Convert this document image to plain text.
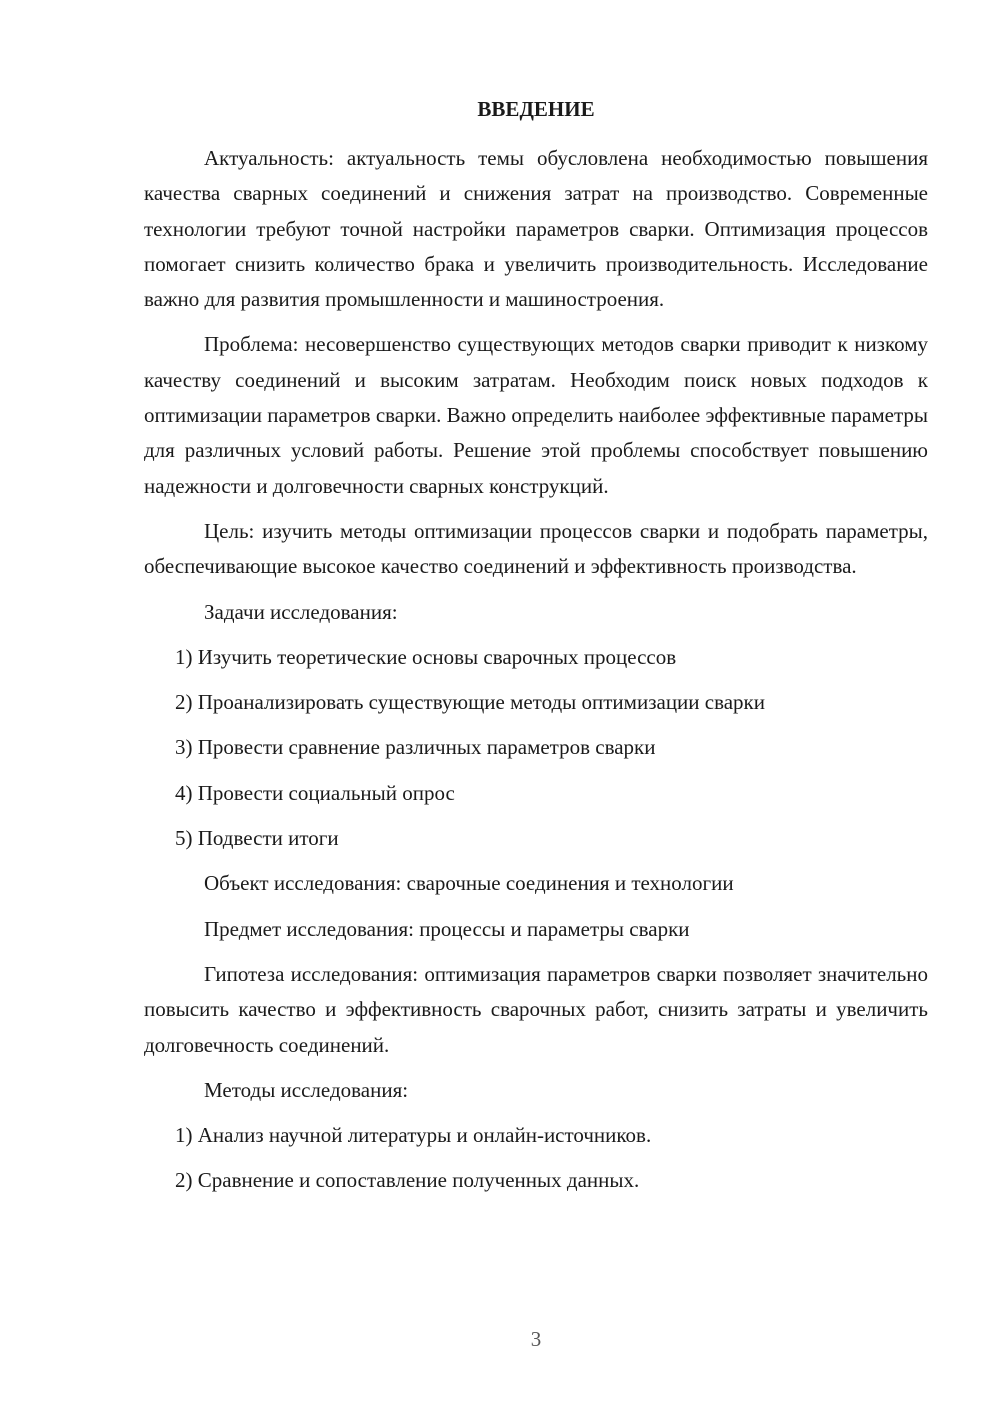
ВВЕДЕНИЕ
Актуальность: актуальность темы обусловлена необходимостью повышения качества сварных соединений и снижения затрат на производство. Современные технологии требуют точной настройки параметров сварки. Оптимизация процессов помогает снизить количество брака и увеличить производительность. Исследование важно для развития промышленности и машиностроения.
Проблема: несовершенство существующих методов сварки приводит к низкому качеству соединений и высоким затратам. Необходим поиск новых подходов к оптимизации параметров сварки. Важно определить наиболее эффективные параметры для различных условий работы. Решение этой проблемы способствует повышению надежности и долговечности сварных конструкций.
Цель: изучить методы оптимизации процессов сварки и подобрать параметры, обеспечивающие высокое качество соединений и эффективность производства.
Задачи исследования:
1) Изучить теоретические основы сварочных процессов
2) Проанализировать существующие методы оптимизации сварки
3) Провести сравнение различных параметров сварки
4) Провести социальный опрос
5) Подвести итоги
Объект исследования: сварочные соединения и технологии
Предмет исследования: процессы и параметры сварки
Гипотеза исследования: оптимизация параметров сварки позволяет значительно повысить качество и эффективность сварочных работ, снизить затраты и увеличить долговечность соединений.
Методы исследования:
1) Анализ научной литературы и онлайн-источников.
2) Сравнение и сопоставление полученных данных.
3
